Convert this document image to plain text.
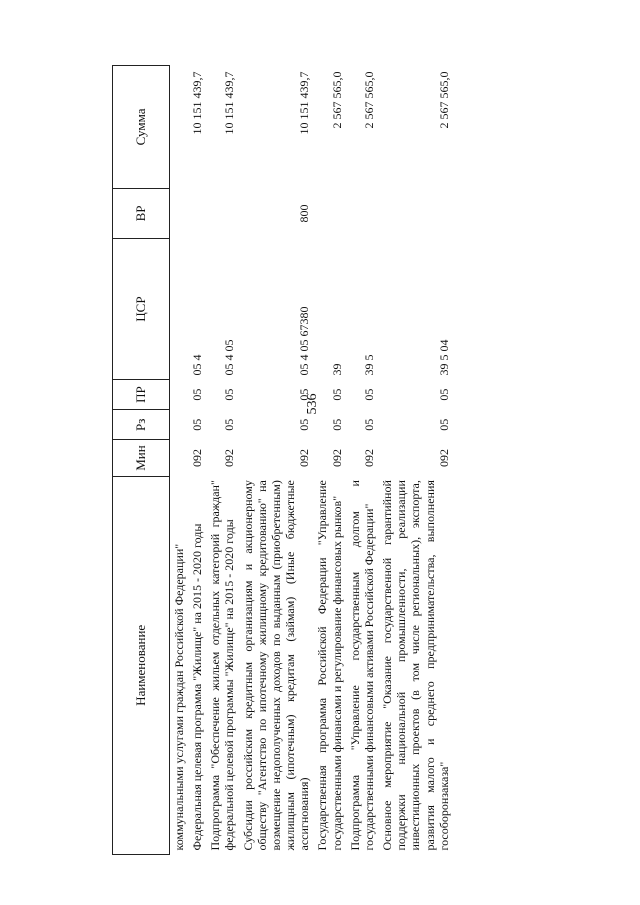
536
Наименование	Мин	Рз	ПР	ЦСР	ВР	Сумма
коммунальными услугами граждан Российской Федерации"						
Федеральная целевая программа "Жилище" на 2015 - 2020 годы	092	05	05	05 4		10 151 439,7
Подпрограмма "Обеспечение жильем отдельных категорий граждан" федеральной целевой программы "Жилище" на 2015 - 2020 годы	092	05	05	05 4 05		10 151 439,7
Субсидии российским кредитным организациям и акционерному обществу "Агентство по ипотечному жилищному кредитованию" на возмещение недополученных доходов по выданным (приобретенным) жилищным (ипотечным) кредитам (займам) (Иные бюджетные ассигнования)	092	05	05	05 4 05 67380	800	10 151 439,7
Государственная программа Российской Федерации "Управление государственными финансами и регулирование финансовых рынков"	092	05	05	39		2 567 565,0
Подпрограмма "Управление государственным долгом и государственными финансовыми активами Российской Федерации"	092	05	05	39 5		2 567 565,0
Основное мероприятие "Оказание государственной гарантийной поддержки национальной промышленности, реализации инвестиционных проектов (в том числе региональных), экспорта, развития малого и среднего предпринимательства, выполнения гособоронзаказа"	092	05	05	39 5 04		2 567 565,0
